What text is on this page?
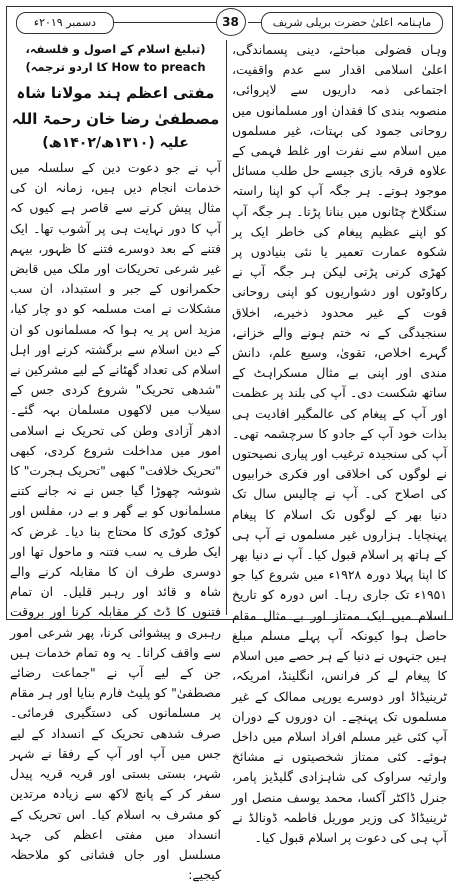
دسمبر ۲۰۱۹ء	38	ماہنامہ اعلیٰ حضرت بریلی شریف

وہاں فضولی مباحثے، دینی پسماندگی، اعلیٰ اسلامی اقدار سے عدم واقفیت، اجتماعی ذمہ داریوں سے لاپروائی، منصوبہ بندی کا فقدان اور مسلمانوں میں روحانی جمود کی بہتات، غیر مسلموں میں اسلام سے نفرت اور غلط فہمی کے علاوہ فرقہ بازی جیسے حل طلب مسائل موجود ہوتے۔ ہر جگہ آپ کو اپنا راستہ سنگلاخ چٹانوں میں بنانا پڑتا۔ ہر جگہ آپ کو اپنے عظیم پیغام کی خاطر ایک پر شکوہ عمارت تعمیر یا نئی بنیادوں پر کھڑی کرنی پڑتی لیکن ہر جگہ آپ نے رکاوٹوں اور دشواریوں کو اپنی روحانی قوت کے غیر محدود ذخیرے، اخلاق سنجیدگی کے نہ ختم ہونے والے خزانے، گہرے اخلاص، تقویٰ، وسیع علم، دانش مندی اور اپنی بے مثال مسکراہٹ کے ساتھ شکست دی۔ آپ کی بلند پر عظمت اور آپ کے پیغام کی عالمگیر افادیت ہی بذات خود آپ کے جادو کا سرچشمہ تھی۔ آپ کی سنجیدہ ترغیب اور پیاری نصیحتوں نے لوگوں کی اخلاقی اور فکری خرابیوں کی اصلاح کی۔ آپ نے چالیس سال تک دنیا بھر کے لوگوں تک اسلام کا پیغام پہنچایا۔ ہزاروں غیر مسلموں نے آپ ہی کے ہاتھ پر اسلام قبول کیا۔ آپ نے دنیا بھر کا اپنا پہلا دورہ ۱۹۲۸ء میں شروع کیا جو ۱۹۵۱ء تک جاری رہا۔ اس دورہ کو تاریخ اسلام میں ایک ممتاز اور بے مثال مقام حاصل ہوا کیونکہ آپ پہلے مسلم مبلغ ہیں جنہوں نے دنیا کے ہر حصے میں اسلام کا پیغام لے کر فرانس، انگلینڈ، امریکہ، ٹرینیڈاڈ اور دوسرے یورپی ممالک کے غیر مسلموں تک پہنچے۔ ان دوروں کے دوران آپ کئی غیر مسلم افراد اسلام میں داخل ہوئے۔ کئی ممتاز شخصیتوں نے مشائخ وارثیہ سراوک کی شاہزادی گلیڈیز پامر، جنرل ڈاکٹر آکسا، محمد یوسف منصل اور ٹرینیڈاڈ کی وزیر موریل فاطمہ ڈونالڈ نے آپ ہی کی دعوت پر اسلام قبول کیا۔

(تبلیغ اسلام کے اصول و فلسفہ، How to preach کا اردو ترجمہ)
مفتی اعظم ہند مولانا شاہ مصطفیٰ رضا خان رحمۃ اللہ
علیہ (۱۳۱۰ھ/۱۴۰۲ھ)

آپ نے جو دعوت دین کے سلسلہ میں خدمات انجام دیں ہیں، زمانہ ان کی مثال پیش کرنے سے قاصر ہے کیوں کہ آپ کا دور نہایت ہی پر آشوب تھا۔ ایک فتنے کے بعد دوسرے فتنے کا ظہور، بیہم غیر شرعی تحریکات اور ملک میں قابض حکمرانوں کے جبر و استبداد، ان سب مشکلات نے امت مسلمہ کو دو چار کیا، مزید اس پر یہ ہوا کہ مسلمانوں کو ان کے دین اسلام سے برگشتہ کرنے اور اہل اسلام کی تعداد گھٹانے کے لیے مشرکین نے "شدھی تحریک" شروع کردی جس کے سیلاب میں لاکھوں مسلمان بہہ گئے۔ ادھر آزادی وطن کی تحریک نے اسلامی امور میں مداخلت شروع کردی، کبھی "تحریک خلافت" کبھی "تحریک ہجرت" کا شوشہ چھوڑا گیا جس نے نہ جانے کتنے مسلمانوں کو بے گھر و بے در، مفلس اور کوڑی کوڑی کا محتاج بنا دیا۔ غرض کہ ایک طرف یہ سب فتنہ و ماحول تھا اور دوسری طرف ان کا مقابلہ کرنے والے شاہ و قائد اور رہبر قلیل۔ ان تمام فتنوں کا ڈٹ کر مقابلہ کرنا اور بروقت رہبری و پیشوائی کرنا، پھر شرعی امور سے واقف کرانا۔ یہ وہ تمام خدمات ہیں جن کے لیے آپ نے "جماعت رضائے مصطفیٰ" کو پلیٹ فارم بنایا اور ہر مقام پر مسلمانوں کی دستگیری فرمائی۔ صرف شدھی تحریک کے انسداد کے لیے جس میں آپ اور آپ کے رفقا نے شہر شہر، بستی بستی اور قریہ قریہ پیدل سفر کر کے پانچ لاکھ سے زیادہ مرتدین کو مشرف بہ اسلام کیا۔ اس تحریک کے انسداد میں مفتی اعظم کی جہد مسلسل اور جاں فشانی کو ملاحظہ کیجیے:
